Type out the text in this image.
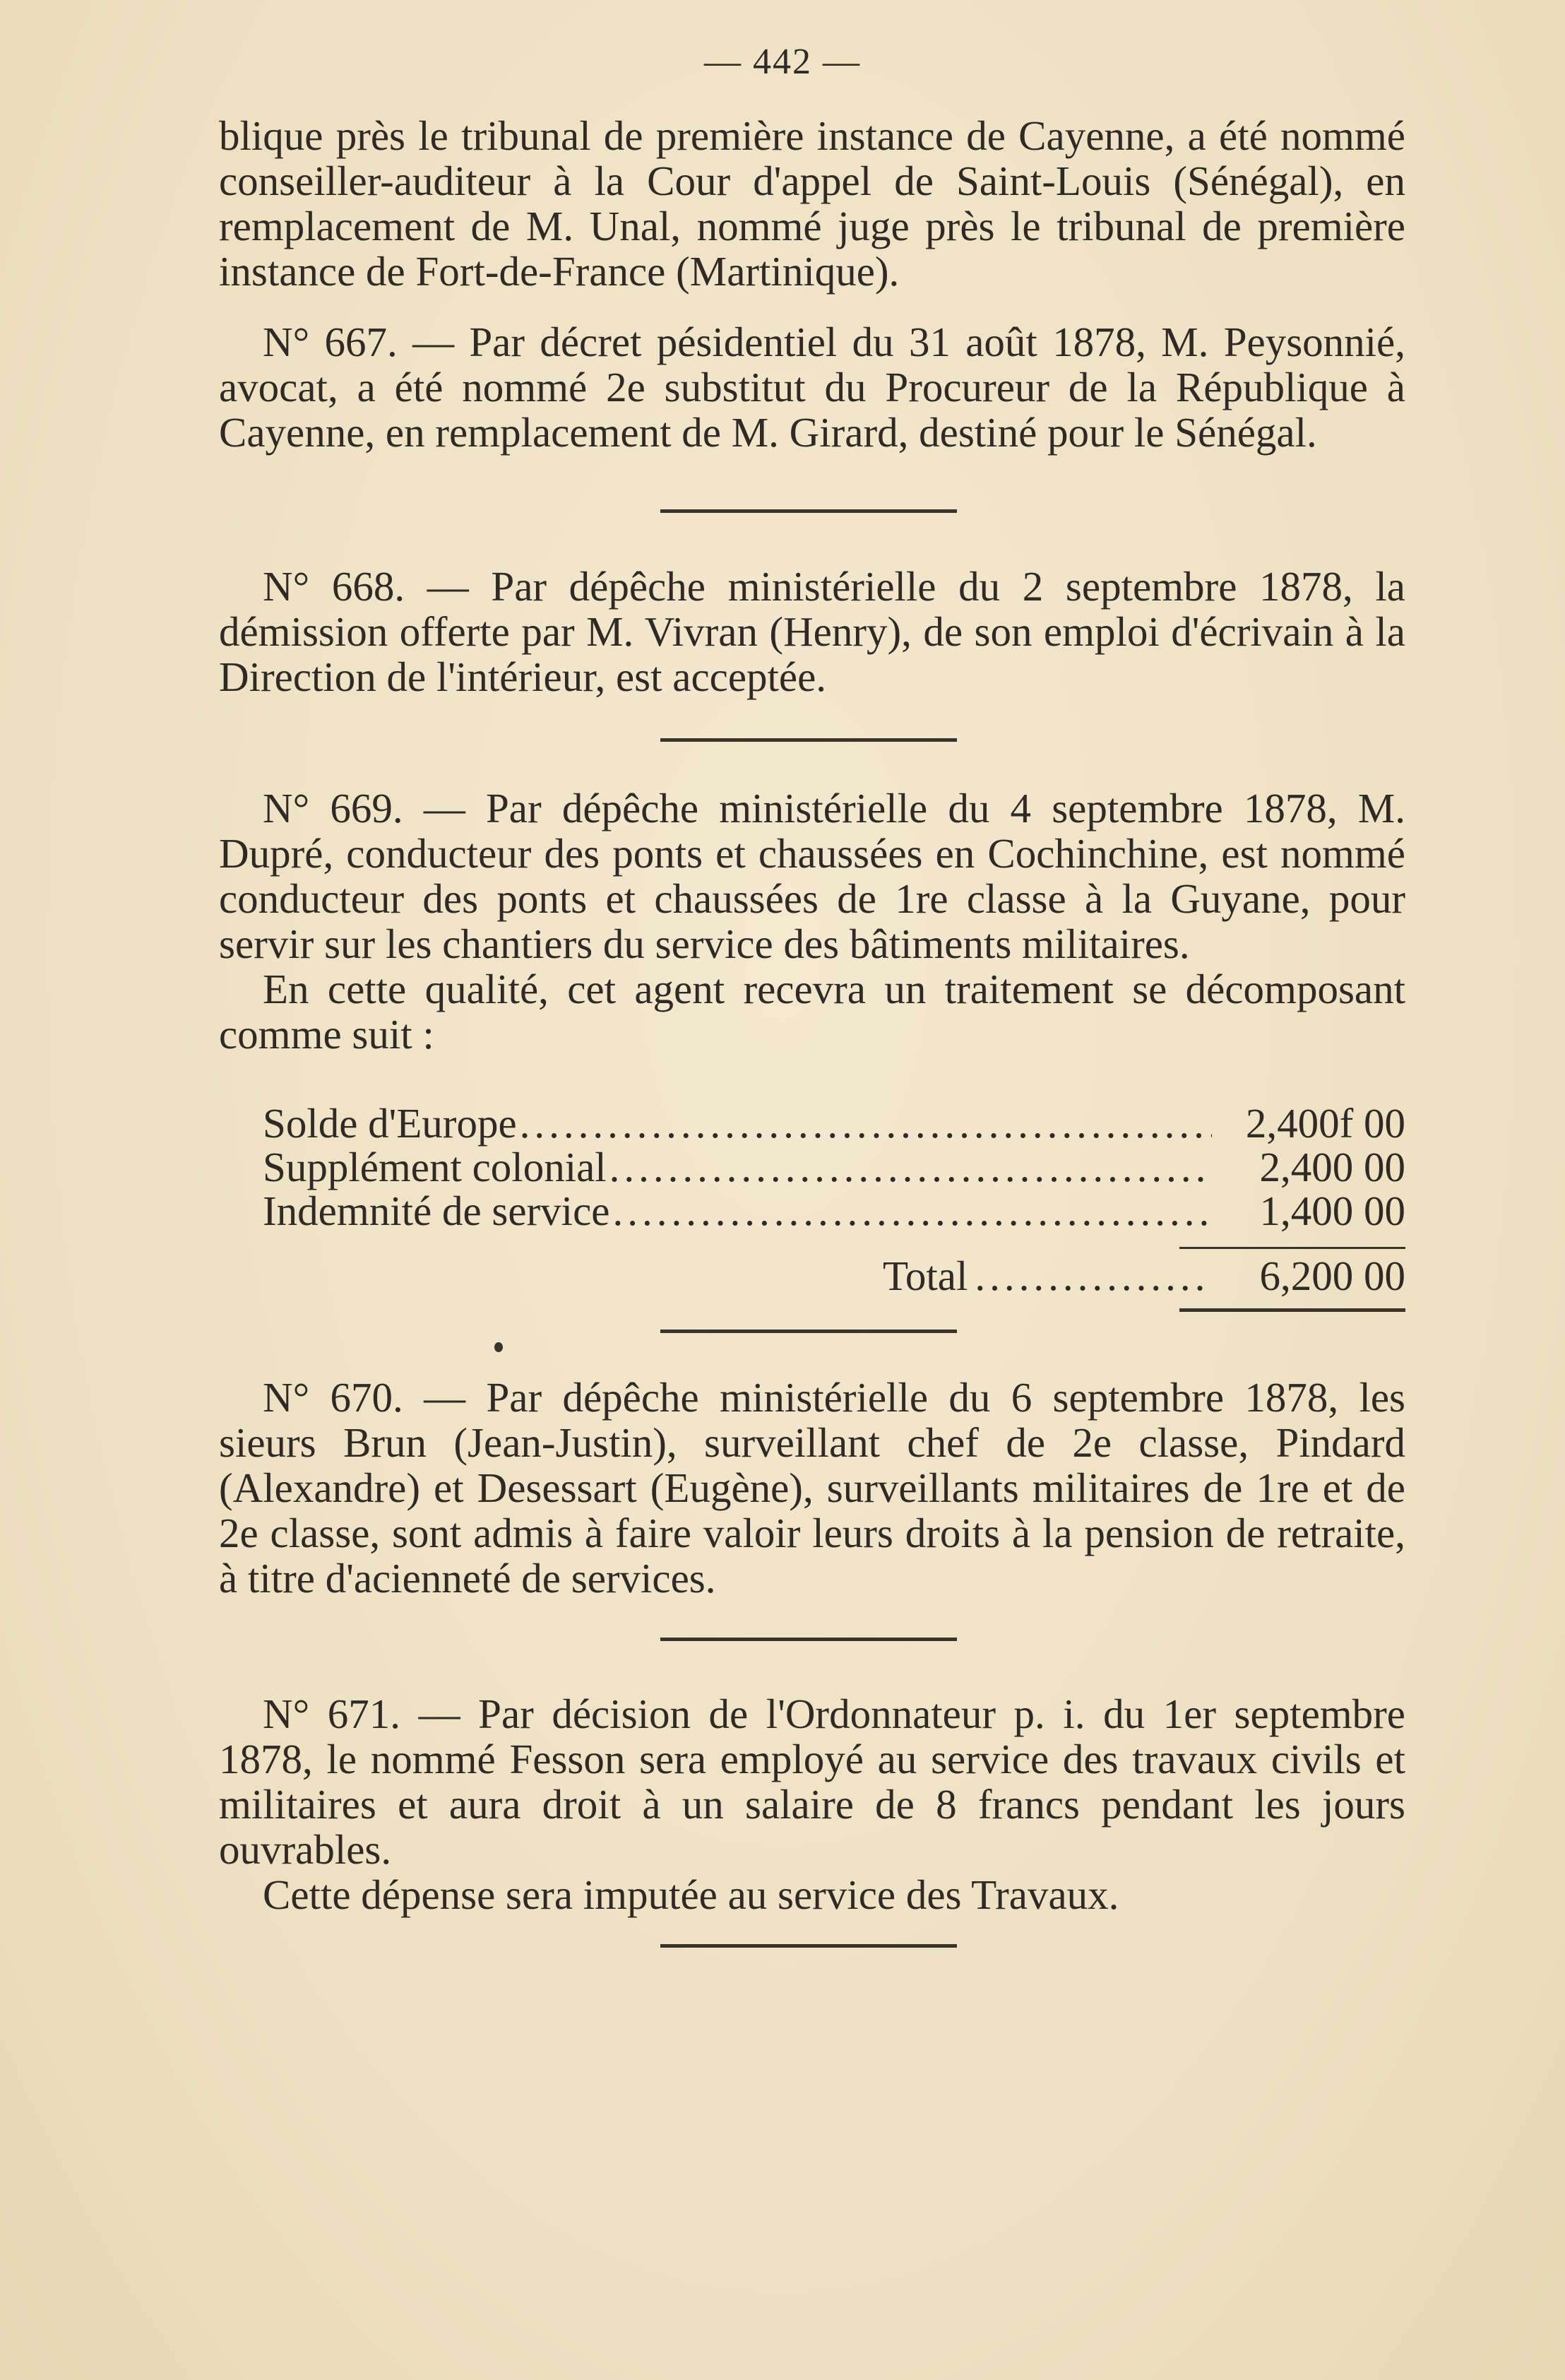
— 442 —

blique près le tribunal de première instance de Cayenne, a été nommé conseiller-auditeur à la Cour d'appel de Saint-Louis (Sénégal), en remplacement de M. Unal, nommé juge près le tribunal de première instance de Fort-de-France (Martinique).

N° 667. — Par décret pésidentiel du 31 août 1878, M. Peysonnié, avocat, a été nommé 2e substitut du Procureur de la République à Cayenne, en remplacement de M. Girard, destiné pour le Sénégal.

N° 668. — Par dépêche ministérielle du 2 septembre 1878, la démission offerte par M. Vivran (Henry), de son emploi d'écrivain à la Direction de l'intérieur, est acceptée.

N° 669. — Par dépêche ministérielle du 4 septembre 1878, M. Dupré, conducteur des ponts et chaussées en Cochinchine, est nommé conducteur des ponts et chaussées de 1re classe à la Guyane, pour servir sur les chantiers du service des bâtiments militaires.

En cette qualité, cet agent recevra un traitement se décomposant comme suit :

Solde d'Europe .....	2,400f 00
Supplément colonial .....	2,400 00
Indemnité de service .....	1,400 00
Total .....	6,200 00

N° 670. — Par dépêche ministérielle du 6 septembre 1878, les sieurs Brun (Jean-Justin), surveillant chef de 2e classe, Pindard (Alexandre) et Desessart (Eugène), surveillants militaires de 1re et de 2e classe, sont admis à faire valoir leurs droits à la pension de retraite, à titre d'aciennеté de services.

N° 671. — Par décision de l'Ordonnateur p. i. du 1er septembre 1878, le nommé Fesson sera employé au service des travaux civils et militaires et aura droit à un salaire de 8 francs pendant les jours ouvrables.

Cette dépense sera imputée au service des Travaux.
